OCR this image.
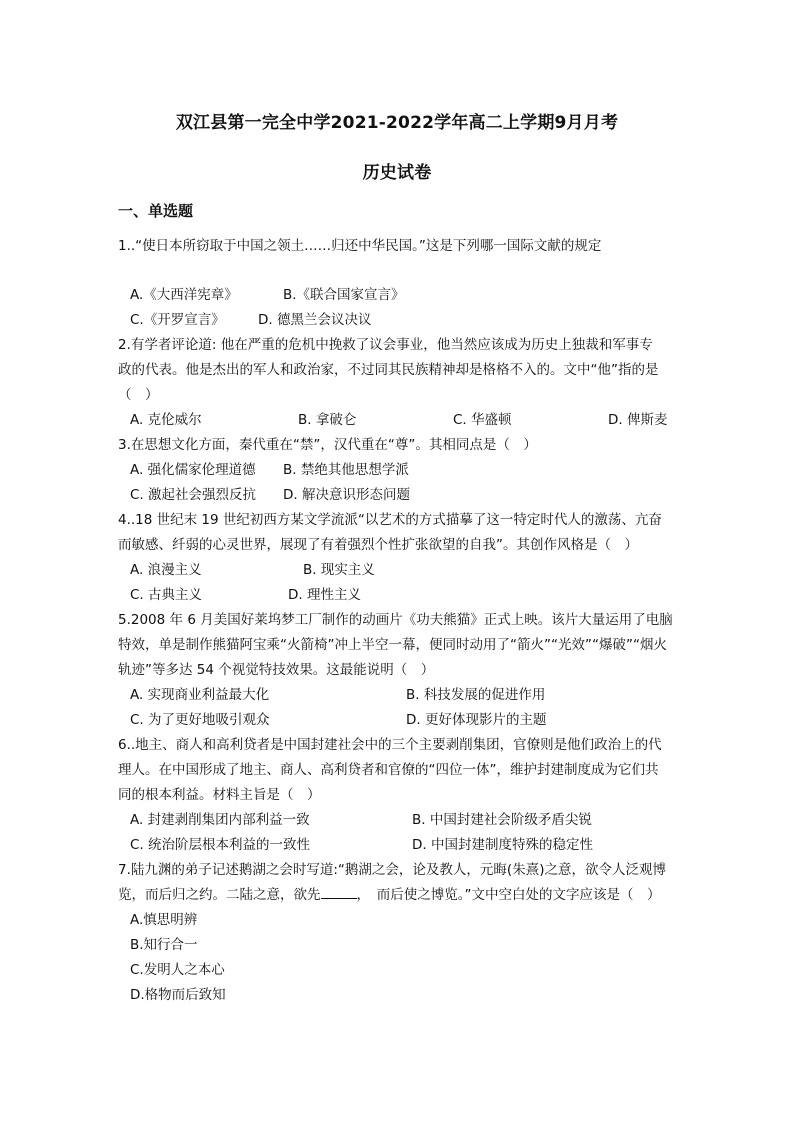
双江县第一完全中学2021-2022学年高二上学期9月月考
历史试卷
一、单选题
1..“使日本所窃取于中国之领土……归还中华民国。”这是下列哪一国际文献的规定
A.《大西洋宪章》	B.《联合国家宣言》
C.《开罗宣言》 D. 德黑兰会议决议
2.有学者评论道: 他在严重的危机中挽救了议会事业，他当然应该成为历史上独裁和军事专
政的代表。他是杰出的军人和政治家，不过同其民族精神却是格格不入的。文中“他”指的是
（　）
A. 克伦威尔	B. 拿破仑	C. 华盛顿	D. 俾斯麦
3.在思想文化方面，秦代重在“禁”，汉代重在“尊”。其相同点是（　）
A. 强化儒家伦理道德 B. 禁绝其他思想学派
C. 激起社会强烈反抗 D. 解决意识形态问题
4..18 世纪末 19 世纪初西方某文学流派“以艺术的方式描摹了这一特定时代人的激荡、亢奋
而敏感、纤弱的心灵世界，展现了有着强烈个性扩张欲望的自我”。其创作风格是（　）
A. 浪漫主义	B. 现实主义
C. 古典主义	D. 理性主义
5.2008 年 6 月美国好莱坞梦工厂制作的动画片《功夫熊猫》正式上映。该片大量运用了电脑
特效，单是制作熊猫阿宝乘“火箭椅”冲上半空一幕，便同时动用了“箭火”“光效”“爆破”“烟火
轨迹”等多达 54 个视觉特技效果。这最能说明（　）
A. 实现商业利益最大化	B. 科技发展的促进作用
C. 为了更好地吸引观众	D. 更好体现影片的主题
6..地主、商人和高利贷者是中国封建社会中的三个主要剥削集团，官僚则是他们政治上的代
理人。在中国形成了地主、商人、高利贷者和官僚的“四位一体”，维护封建制度成为它们共
同的根本利益。材料主旨是（　）
A. 封建剥削集团内部利益一致	B. 中国封建社会阶级矛盾尖锐
C. 统治阶层根本利益的一致性	D. 中国封建制度特殊的稳定性
7.陆九渊的弟子记述鹅湖之会时写道:“鹅湖之会，论及教人，元晦(朱熹)之意，欲令人泛观博
览，而后归之约。二陆之意，欲先	，　而后使之博览。”文中空白处的文字应该是（　）
A.慎思明辨
B.知行合一
C.发明人之本心
D.格物而后致知
